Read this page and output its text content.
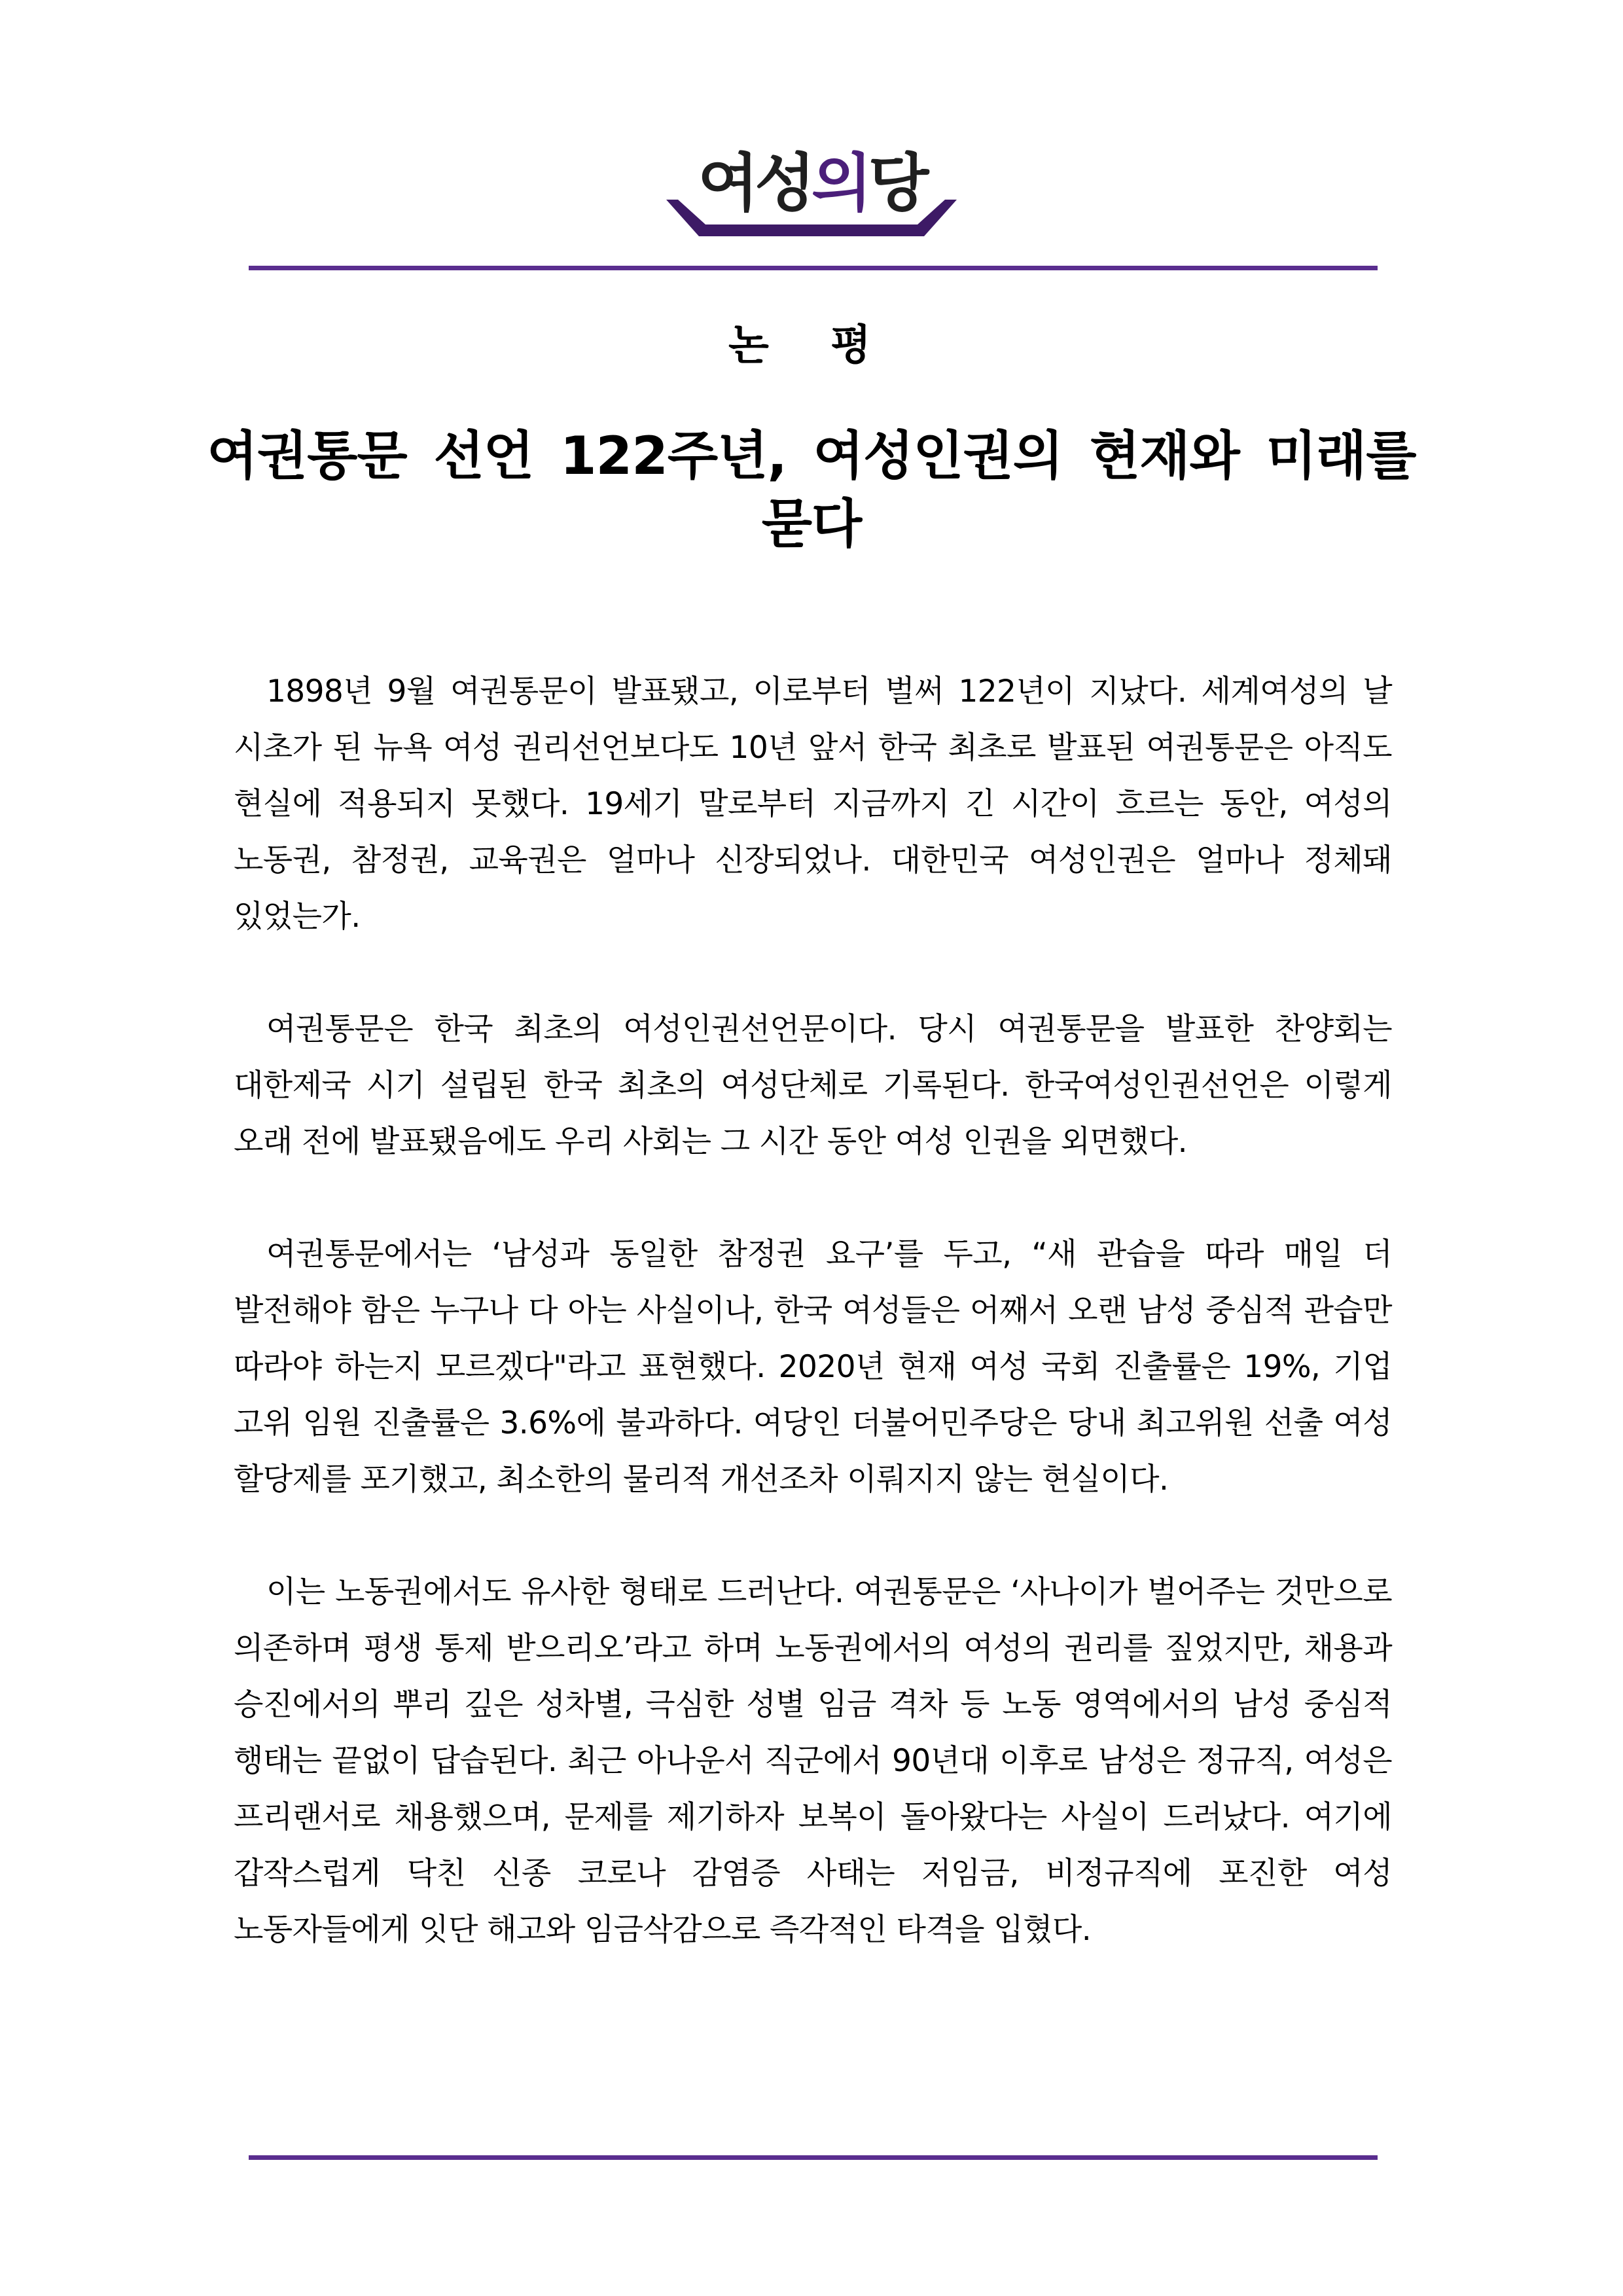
여성의당
논 평
여권통문 선언 122주년, 여성인권의 현재와 미래를 묻다

1898년 9월 여권통문이 발표됐고, 이로부터 벌써 122년이 지났다. 세계여성의 날 시초가 된 뉴욕 여성 권리선언보다도 10년 앞서 한국 최초로 발표된 여권통문은 아직도 현실에 적용되지 못했다. 19세기 말로부터 지금까지 긴 시간이 흐르는 동안, 여성의 노동권, 참정권, 교육권은 얼마나 신장되었나. 대한민국 여성인권은 얼마나 정체돼 있었는가.

여권통문은 한국 최초의 여성인권선언문이다. 당시 여권통문을 발표한 찬양회는 대한제국 시기 설립된 한국 최초의 여성단체로 기록된다. 한국여성인권선언은 이렇게 오래 전에 발표됐음에도 우리 사회는 그 시간 동안 여성 인권을 외면했다.

여권통문에서는 ‘남성과 동일한 참정권 요구’를 두고, “새 관습을 따라 매일 더 발전해야 함은 누구나 다 아는 사실이나, 한국 여성들은 어째서 오랜 남성 중심적 관습만 따라야 하는지 모르겠다"라고 표현했다. 2020년 현재 여성 국회 진출률은 19%, 기업 고위 임원 진출률은 3.6%에 불과하다. 여당인 더불어민주당은 당내 최고위원 선출 여성 할당제를 포기했고, 최소한의 물리적 개선조차 이뤄지지 않는 현실이다.

이는 노동권에서도 유사한 형태로 드러난다. 여권통문은 ‘사나이가 벌어주는 것만으로 의존하며 평생 통제 받으리오’라고 하며 노동권에서의 여성의 권리를 짚었지만, 채용과 승진에서의 뿌리 깊은 성차별, 극심한 성별 임금 격차 등 노동 영역에서의 남성 중심적 행태는 끝없이 답습된다. 최근 아나운서 직군에서 90년대 이후로 남성은 정규직, 여성은 프리랜서로 채용했으며, 문제를 제기하자 보복이 돌아왔다는 사실이 드러났다. 여기에 갑작스럽게 닥친 신종 코로나 감염증 사태는 저임금, 비정규직에 포진한 여성 노동자들에게 잇단 해고와 임금삭감으로 즉각적인 타격을 입혔다.
